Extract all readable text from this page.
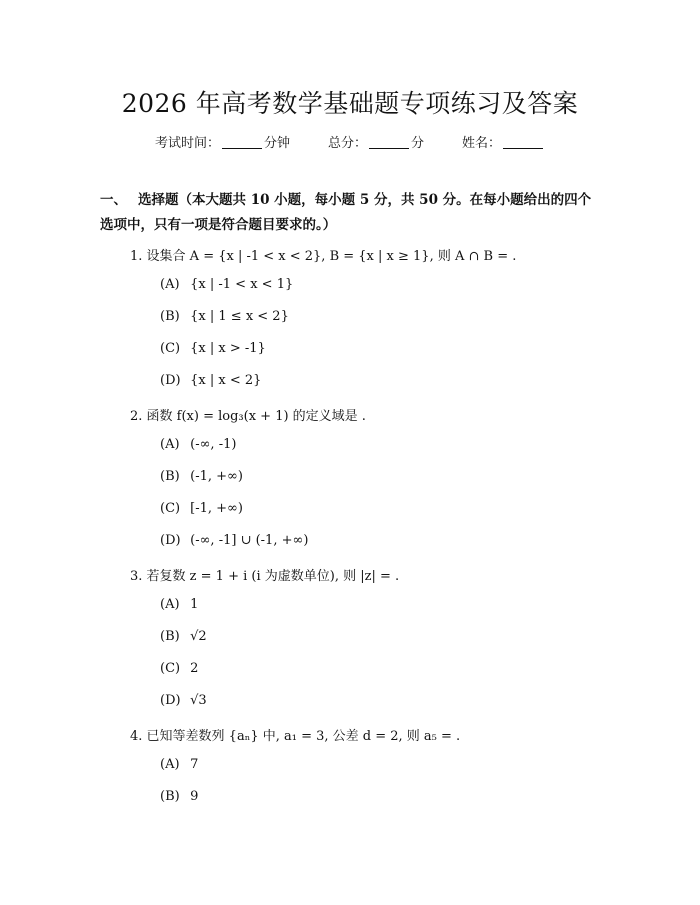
2026 年高考数学基础题专项练习及答案
考试时间：	分钟	总分：	分	姓名：
一、 选择题（本大题共 10 小题，每小题 5 分，共 50 分。在每小题给出的四个选项中，只有一项是符合题目要求的。）
1. 设集合 A = {x | -1 < x < 2}, B = {x | x ≥ 1}, 则 A ∩ B = .
(A) {x | -1 < x < 1}
(B) {x | 1 ≤ x < 2}
(C) {x | x > -1}
(D) {x | x < 2}
2. 函数 f(x) = log₃(x + 1) 的定义域是 .
(A) (-∞, -1)
(B) (-1, +∞)
(C) [-1, +∞)
(D) (-∞, -1] ∪ (-1, +∞)
3. 若复数 z = 1 + i (i 为虚数单位), 则 |z| = .
(A) 1
(B) √2
(C) 2
(D) √3
4. 已知等差数列 {aₙ} 中, a₁ = 3, 公差 d = 2, 则 a₅ = .
(A) 7
(B) 9
